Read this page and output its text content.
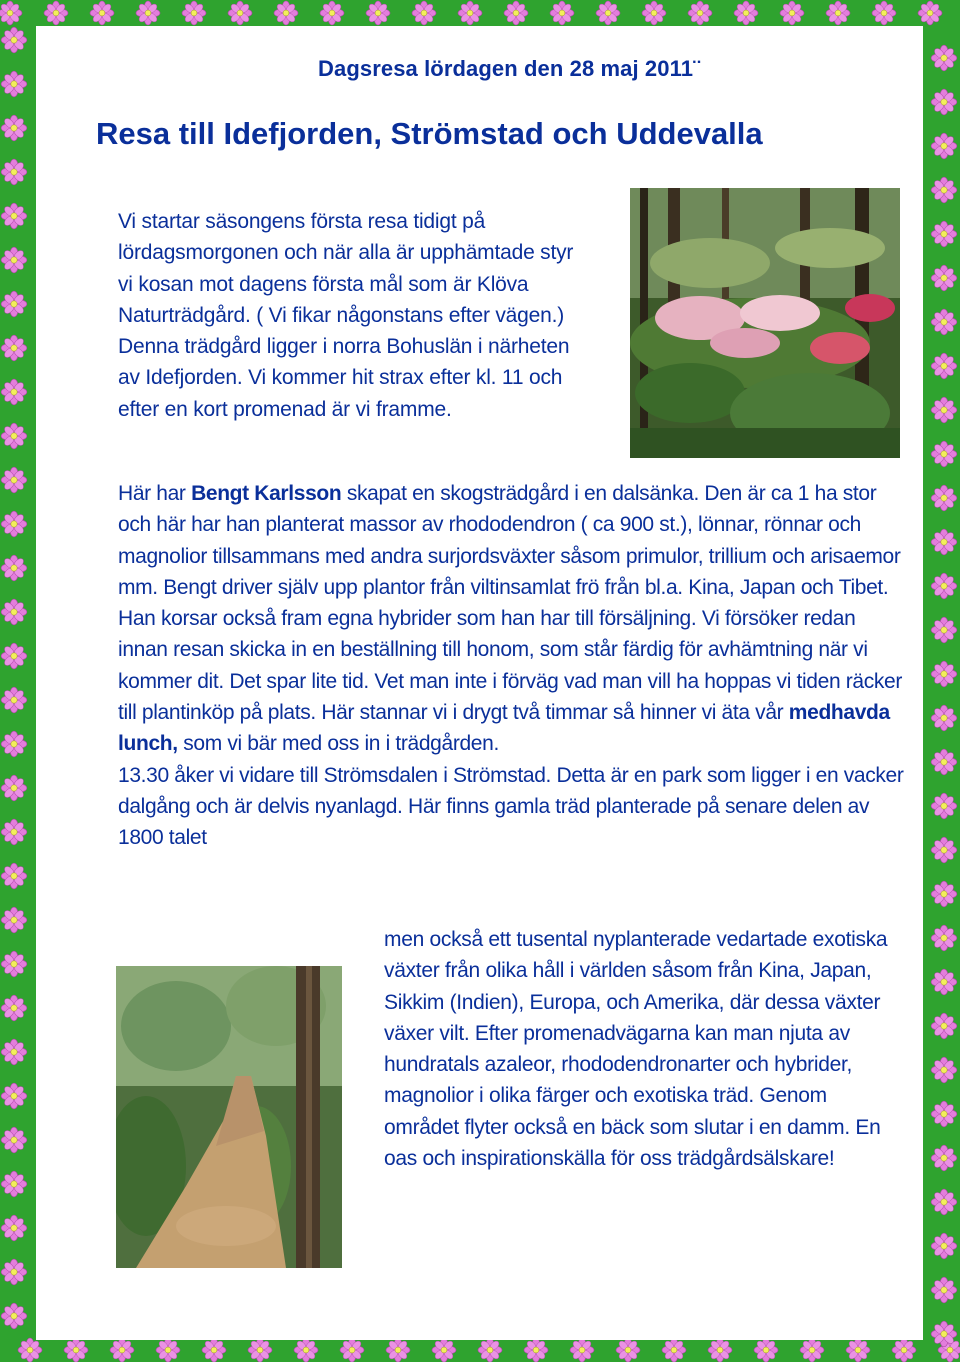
Dagsresa lördagen den 28 maj 2011¨
Resa till Idefjorden, Strömstad och Uddevalla

Vi startar säsongens första resa tidigt på
lördagsmorgonen och när alla är upphämtade styr
vi kosan mot dagens första mål som är Klöva
Naturträdgård. ( Vi fikar någonstans efter vägen.)
Denna trädgård ligger i norra Bohuslän i närheten
av Idefjorden. Vi kommer hit strax efter kl. 11 och
efter en kort promenad är vi framme.

Här har Bengt Karlsson skapat en skogsträdgård i en dalsänka. Den är ca 1 ha stor och här har han planterat massor av rhododendron ( ca 900 st.), lönnar, rönnar och magnolior tillsammans med andra surjordsväxter såsom primulor, trillium och arisaemor mm. Bengt driver själv upp plantor från viltinsamlat frö från bl.a. Kina, Japan och Tibet. Han korsar också fram egna hybrider som han har till försäljning. Vi försöker redan innan resan skicka in en beställning till honom, som står färdig för avhämtning när vi kommer dit. Det spar lite tid. Vet man inte i förväg vad man vill ha hoppas vi tiden räcker till plantinköp på plats. Här stannar vi i drygt två timmar så hinner vi äta vår medhavda lunch, som vi bär med oss in i trädgården.
13.30 åker vi vidare till Strömsdalen i Strömstad. Detta är en park som ligger i en vacker dalgång och är delvis nyanlagd. Här finns gamla träd planterade på senare delen av 1800 talet

men också ett tusental nyplanterade vedartade exotiska växter från olika håll i världen såsom från Kina, Japan, Sikkim (Indien), Europa, och Amerika, där dessa växter växer vilt. Efter promenadvägarna kan man njuta av hundratals azaleor, rhododendronarter och hybrider, magnolior i olika färger och exotiska träd. Genom området flyter också en bäck som slutar i en damm. En oas och inspirationskälla för oss trädgårdsälskare!
